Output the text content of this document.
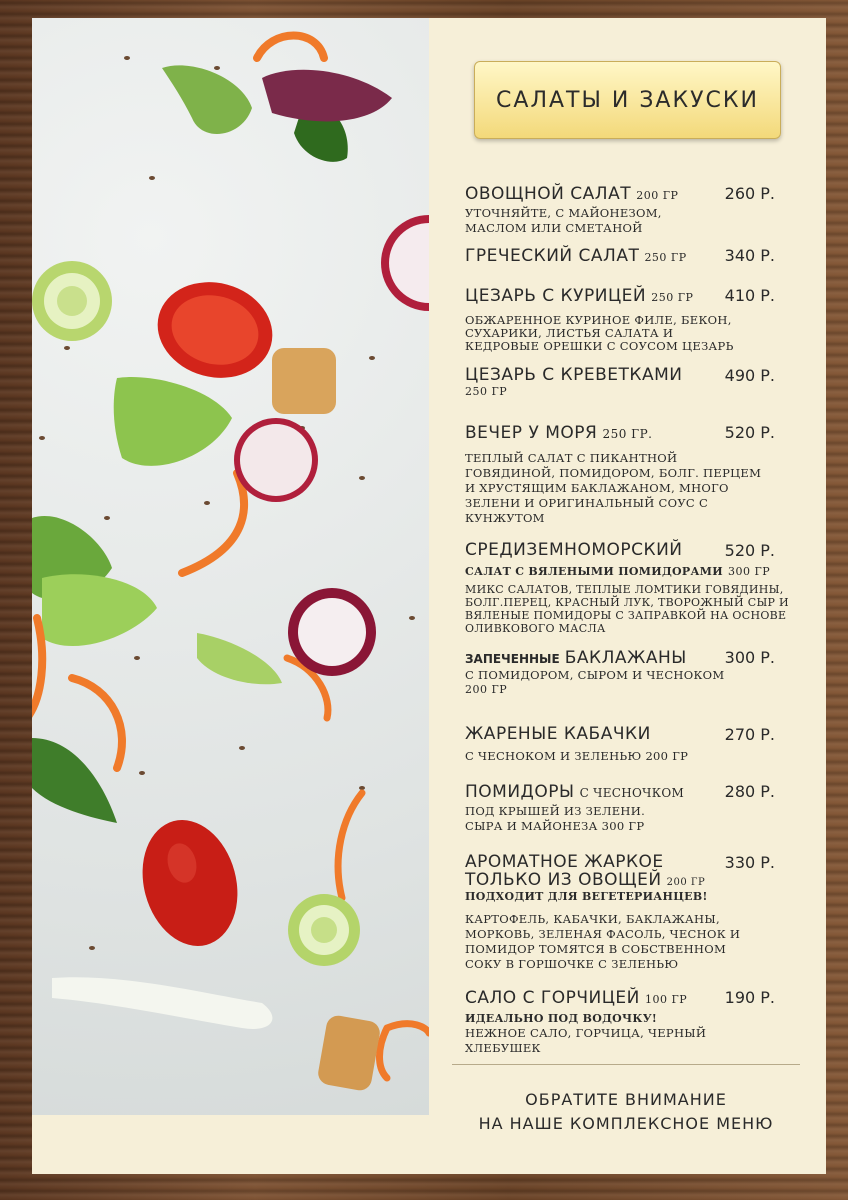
САЛАТЫ И ЗАКУСКИ
ОВОЩНОЙ САЛАТ 200 ГР	260 Р.
УТОЧНЯЙТЕ, С МАЙОНЕЗОМ, МАСЛОМ ИЛИ СМЕТАНОЙ
ГРЕЧЕСКИЙ САЛАТ 250 ГР	340 Р.
ЦЕЗАРЬ С КУРИЦЕЙ 250 ГР	410 Р.
ОБЖАРЕННОЕ КУРИНОЕ ФИЛЕ, БЕКОН, СУХАРИКИ, ЛИСТЬЯ САЛАТА И КЕДРОВЫЕ ОРЕШКИ С СОУСОМ ЦЕЗАРЬ
ЦЕЗАРЬ С КРЕВЕТКАМИ	490 Р.
250 ГР
ВЕЧЕР У МОРЯ 250 ГР.	520 Р.
ТЕПЛЫЙ САЛАТ С ПИКАНТНОЙ ГОВЯДИНОЙ, ПОМИДОРОМ, БОЛГ. ПЕРЦЕМ И ХРУСТЯЩИМ БАКЛАЖАНОМ, МНОГО ЗЕЛЕНИ И ОРИГИНАЛЬНЫЙ СОУС С КУНЖУТОМ
СРЕДИЗЕМНОМОРСКИЙ	520 Р.
САЛАТ С ВЯЛЕНЫМИ ПОМИДОРАМИ 300 ГР
МИКС САЛАТОВ, ТЕПЛЫЕ ЛОМТИКИ ГОВЯДИНЫ, БОЛГ.ПЕРЕЦ, КРАСНЫЙ ЛУК, ТВОРОЖНЫЙ СЫР И ВЯЛЕНЫЕ ПОМИДОРЫ С ЗАПРАВКОЙ НА ОСНОВЕ ОЛИВКОВОГО МАСЛА
ЗАПЕЧЕННЫЕ БАКЛАЖАНЫ	300 Р.
С ПОМИДОРОМ, СЫРОМ И ЧЕСНОКОМ
200 ГР
ЖАРЕНЫЕ КАБАЧКИ	270 Р.
С ЧЕСНОКОМ И ЗЕЛЕНЬЮ 200 ГР
ПОМИДОРЫ С ЧЕСНОЧКОМ	280 Р.
ПОД КРЫШЕЙ ИЗ ЗЕЛЕНИ. СЫРА И МАЙОНЕЗА 300 ГР
АРОМАТНОЕ ЖАРКОЕ	330 Р.
ТОЛЬКО ИЗ ОВОЩЕЙ 200 ГР
ПОДХОДИТ ДЛЯ ВЕГЕТЕРИАНЦЕВ!
КАРТОФЕЛЬ, КАБАЧКИ, БАКЛАЖАНЫ, МОРКОВЬ, ЗЕЛЕНАЯ ФАСОЛЬ, ЧЕСНОК И ПОМИДОР ТОМЯТСЯ В СОБСТВЕННОМ СОКУ В ГОРШОЧКЕ С ЗЕЛЕНЬЮ
САЛО С ГОРЧИЦЕЙ 100 ГР	190 Р.
ИДЕАЛЬНО ПОД ВОДОЧКУ!
НЕЖНОЕ САЛО, ГОРЧИЦА, ЧЕРНЫЙ ХЛЕБУШЕК
ОБРАТИТЕ ВНИМАНИЕ
НА НАШЕ КОМПЛЕКСНОЕ МЕНЮ
